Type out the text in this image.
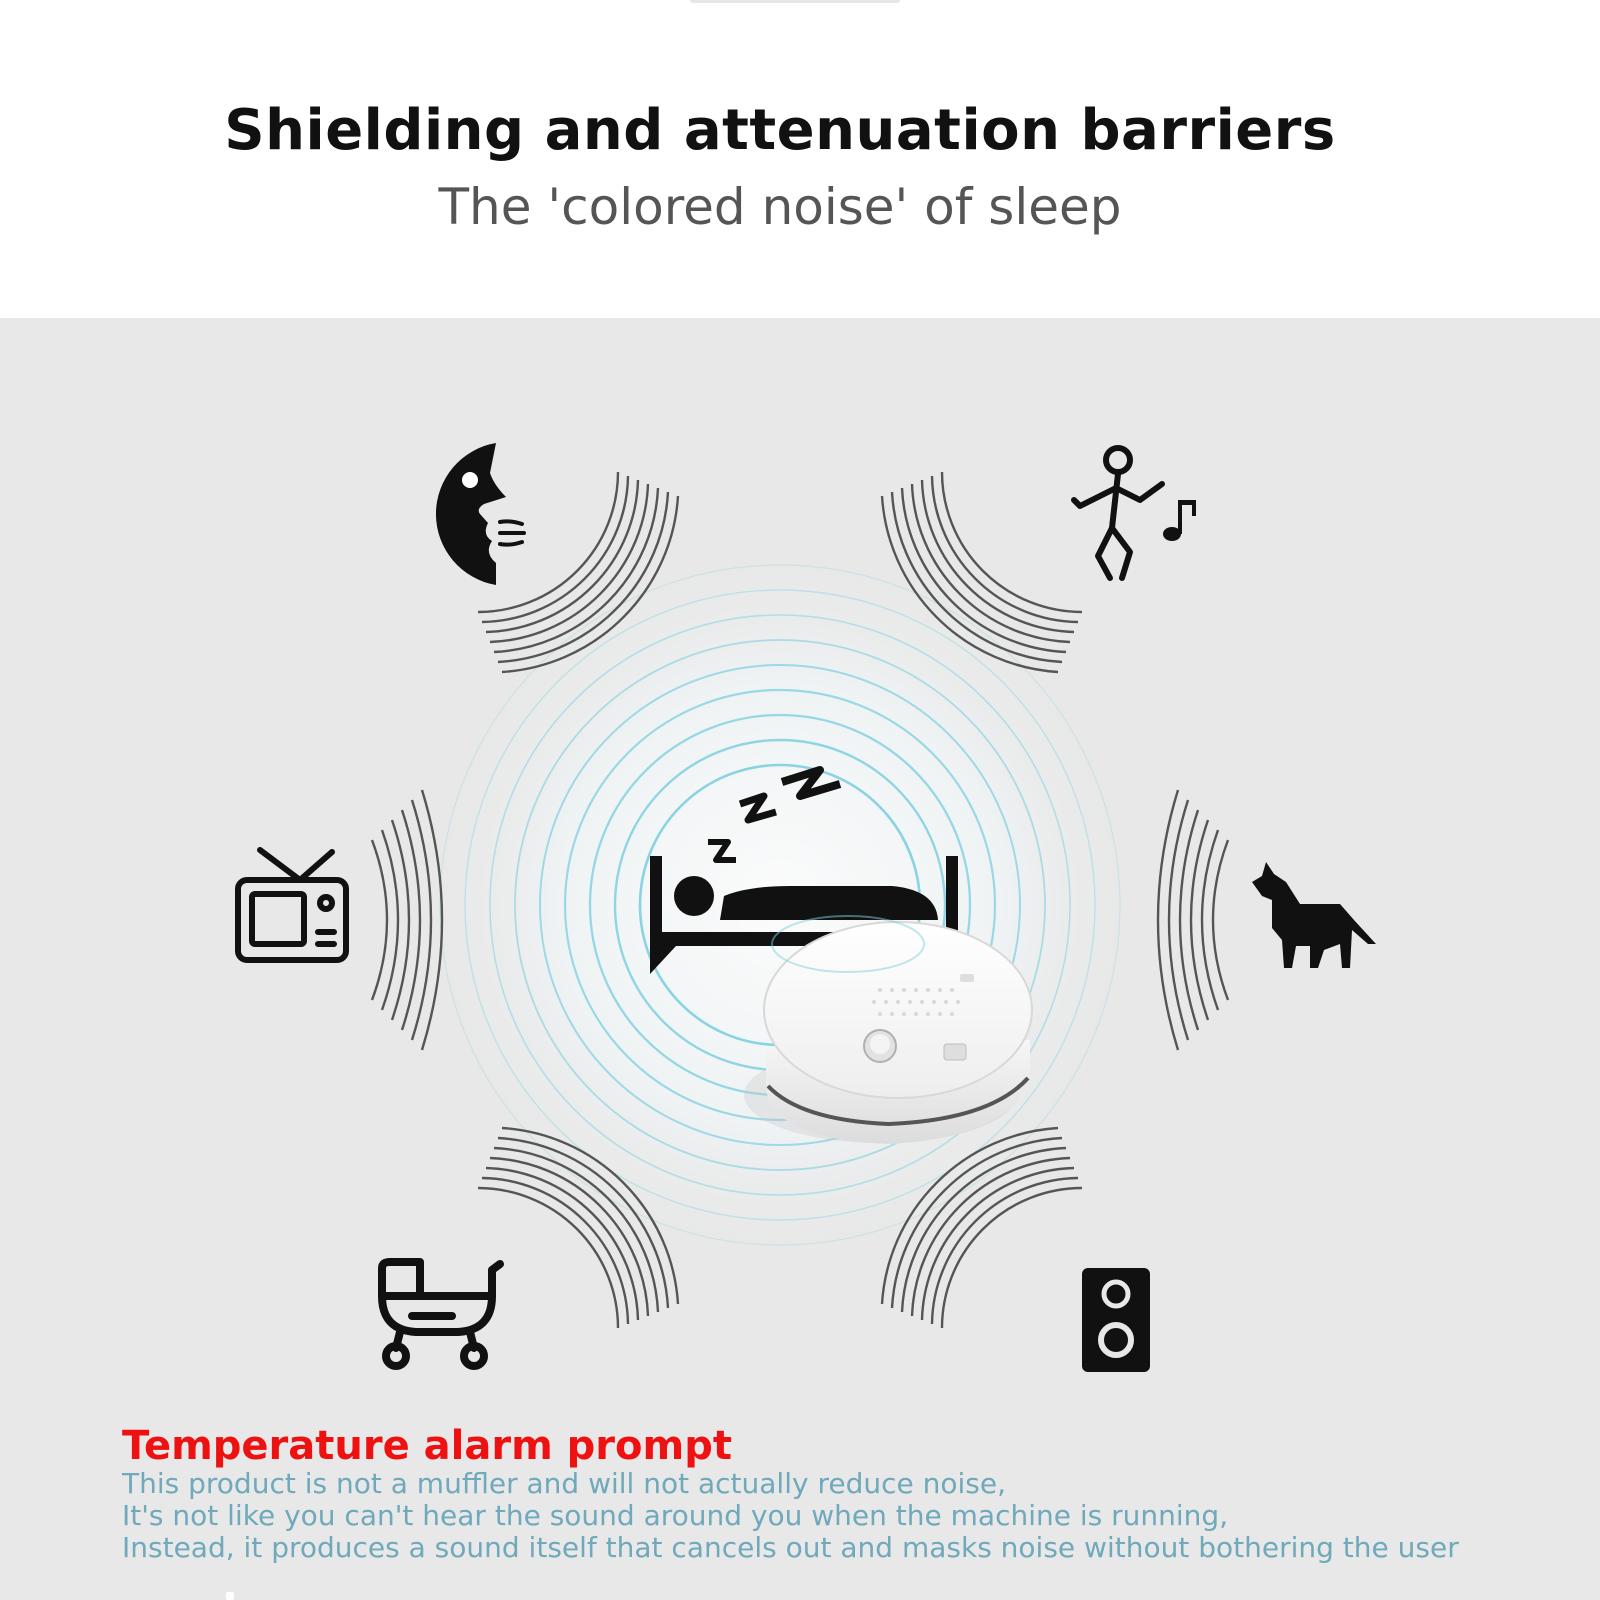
Shielding and attenuation barriers
The 'colored noise' of sleep

Temperature alarm prompt

This product is not a muffler and will not actually reduce noise,

It's not like you can't hear the sound around you when the machine is running,

Instead, it produces a sound itself that cancels out and masks noise without bothering the user
